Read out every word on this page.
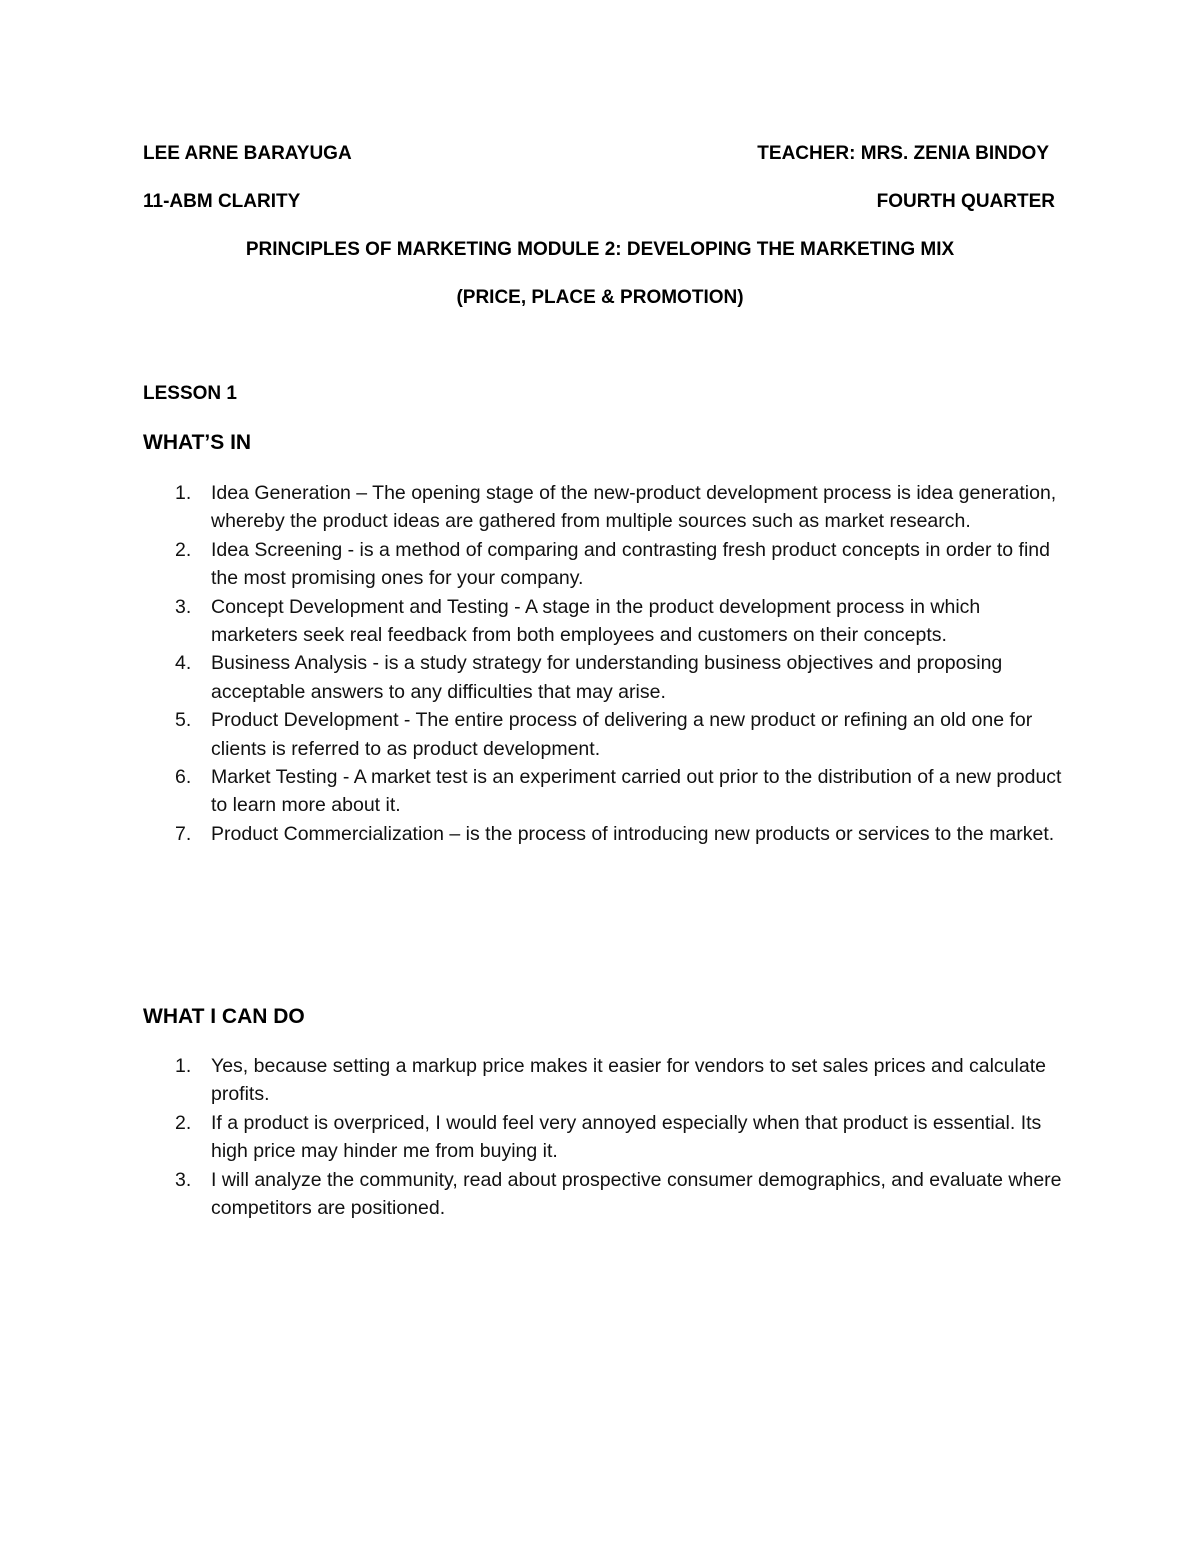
LEE ARNE BARAYUGA	TEACHER: MRS. ZENIA BINDOY
11-ABM CLARITY	FOURTH QUARTER
PRINCIPLES OF MARKETING MODULE 2: DEVELOPING THE MARKETING MIX
(PRICE, PLACE & PROMOTION)
LESSON 1
WHAT’S IN
1. Idea Generation – The opening stage of the new-product development process is idea generation, whereby the product ideas are gathered from multiple sources such as market research.
2. Idea Screening - is a method of comparing and contrasting fresh product concepts in order to find the most promising ones for your company.
3. Concept Development and Testing - A stage in the product development process in which marketers seek real feedback from both employees and customers on their concepts.
4. Business Analysis - is a study strategy for understanding business objectives and proposing acceptable answers to any difficulties that may arise.
5. Product Development - The entire process of delivering a new product or refining an old one for clients is referred to as product development.
6. Market Testing - A market test is an experiment carried out prior to the distribution of a new product to learn more about it.
7. Product Commercialization – is the process of introducing new products or services to the market.
WHAT I CAN DO
1. Yes, because setting a markup price makes it easier for vendors to set sales prices and calculate profits.
2. If a product is overpriced, I would feel very annoyed especially when that product is essential. Its high price may hinder me from buying it.
3. I will analyze the community, read about prospective consumer demographics, and evaluate where competitors are positioned.
